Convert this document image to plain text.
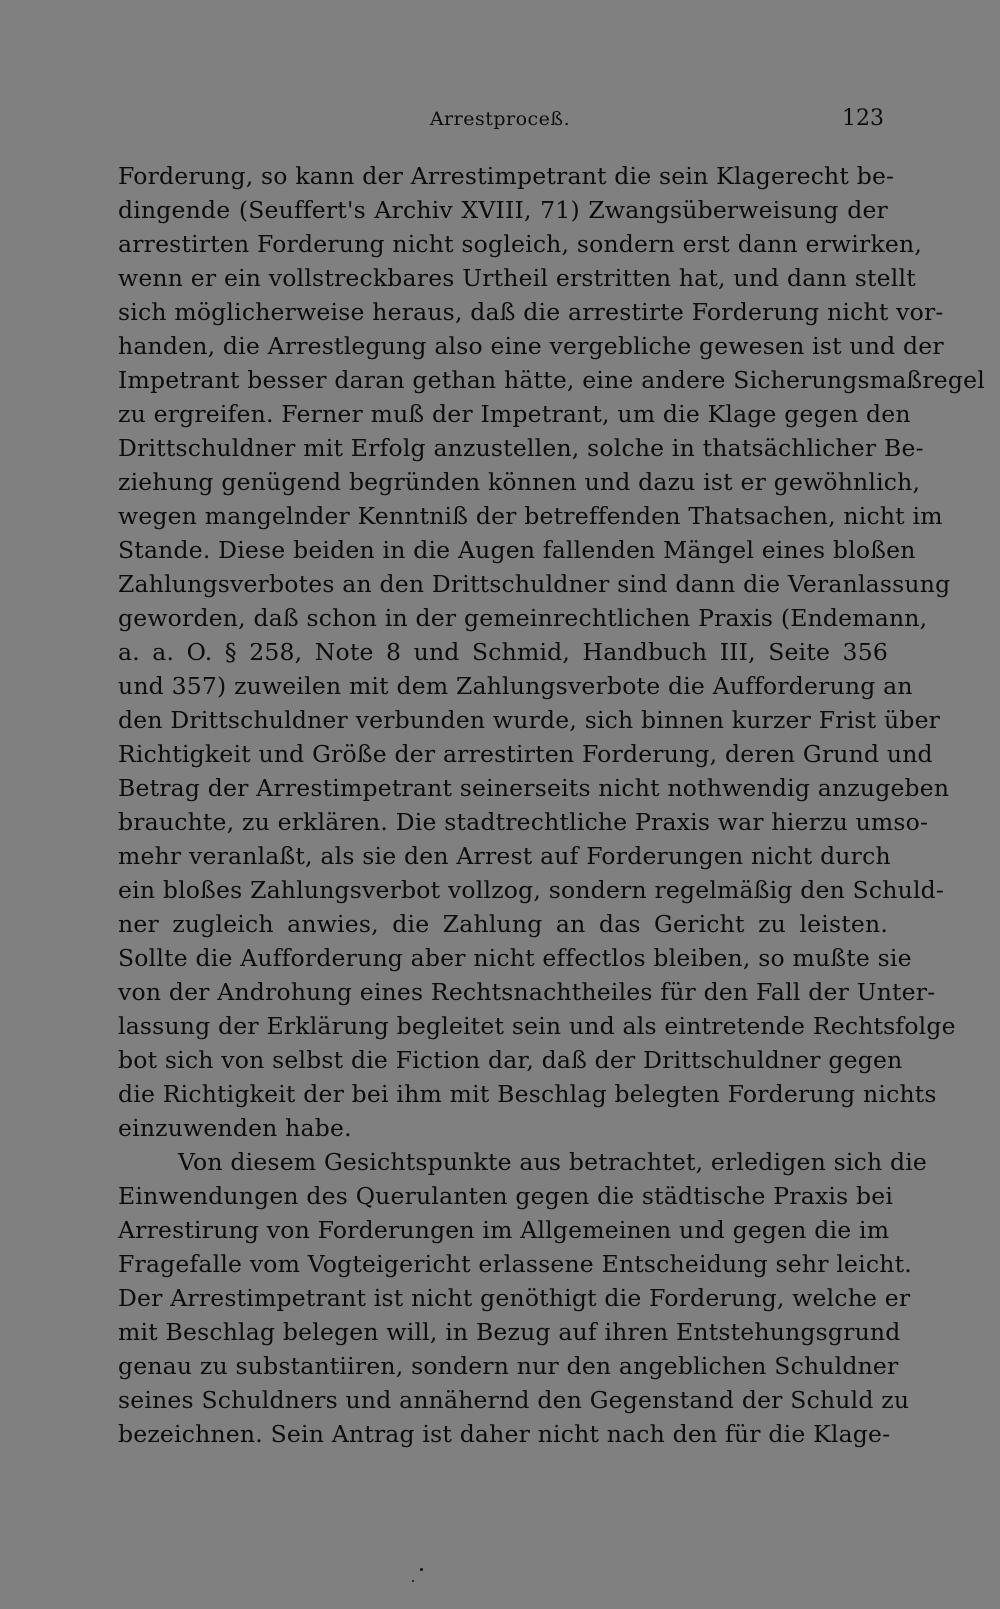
Arrestproceß.	123
Forderung, so kann der Arrestimpetrant die sein Klagerecht be-
dingende (Seuffert's Archiv XVIII, 71) Zwangsüberweisung der
arrestirten Forderung nicht sogleich, sondern erst dann erwirken,
wenn er ein vollstreckbares Urtheil erstritten hat, und dann stellt
sich möglicherweise heraus, daß die arrestirte Forderung nicht vor-
handen, die Arrestlegung also eine vergebliche gewesen ist und der
Impetrant besser daran gethan hätte, eine andere Sicherungsmaßregel
zu ergreifen. Ferner muß der Impetrant, um die Klage gegen den
Drittschuldner mit Erfolg anzustellen, solche in thatsächlicher Be-
ziehung genügend begründen können und dazu ist er gewöhnlich,
wegen mangelnder Kenntniß der betreffenden Thatsachen, nicht im
Stande. Diese beiden in die Augen fallenden Mängel eines bloßen
Zahlungsverbotes an den Drittschuldner sind dann die Veranlassung
geworden, daß schon in der gemeinrechtlichen Praxis (Endemann,
a. a. O. § 258, Note 8 und Schmid, Handbuch III, Seite 356
und 357) zuweilen mit dem Zahlungsverbote die Aufforderung an
den Drittschuldner verbunden wurde, sich binnen kurzer Frist über
Richtigkeit und Größe der arrestirten Forderung, deren Grund und
Betrag der Arrestimpetrant seinerseits nicht nothwendig anzugeben
brauchte, zu erklären. Die stadtrechtliche Praxis war hierzu umso-
mehr veranlaßt, als sie den Arrest auf Forderungen nicht durch
ein bloßes Zahlungsverbot vollzog, sondern regelmäßig den Schuld-
ner zugleich anwies, die Zahlung an das Gericht zu leisten.
Sollte die Aufforderung aber nicht effectlos bleiben, so mußte sie
von der Androhung eines Rechtsnachtheiles für den Fall der Unter-
lassung der Erklärung begleitet sein und als eintretende Rechtsfolge
bot sich von selbst die Fiction dar, daß der Drittschuldner gegen
die Richtigkeit der bei ihm mit Beschlag belegten Forderung nichts
einzuwenden habe.
Von diesem Gesichtspunkte aus betrachtet, erledigen sich die
Einwendungen des Querulanten gegen die städtische Praxis bei
Arrestirung von Forderungen im Allgemeinen und gegen die im
Fragefalle vom Vogteigericht erlassene Entscheidung sehr leicht.
Der Arrestimpetrant ist nicht genöthigt die Forderung, welche er
mit Beschlag belegen will, in Bezug auf ihren Entstehungsgrund
genau zu substantiiren, sondern nur den angeblichen Schuldner
seines Schuldners und annähernd den Gegenstand der Schuld zu
bezeichnen. Sein Antrag ist daher nicht nach den für die Klage-
